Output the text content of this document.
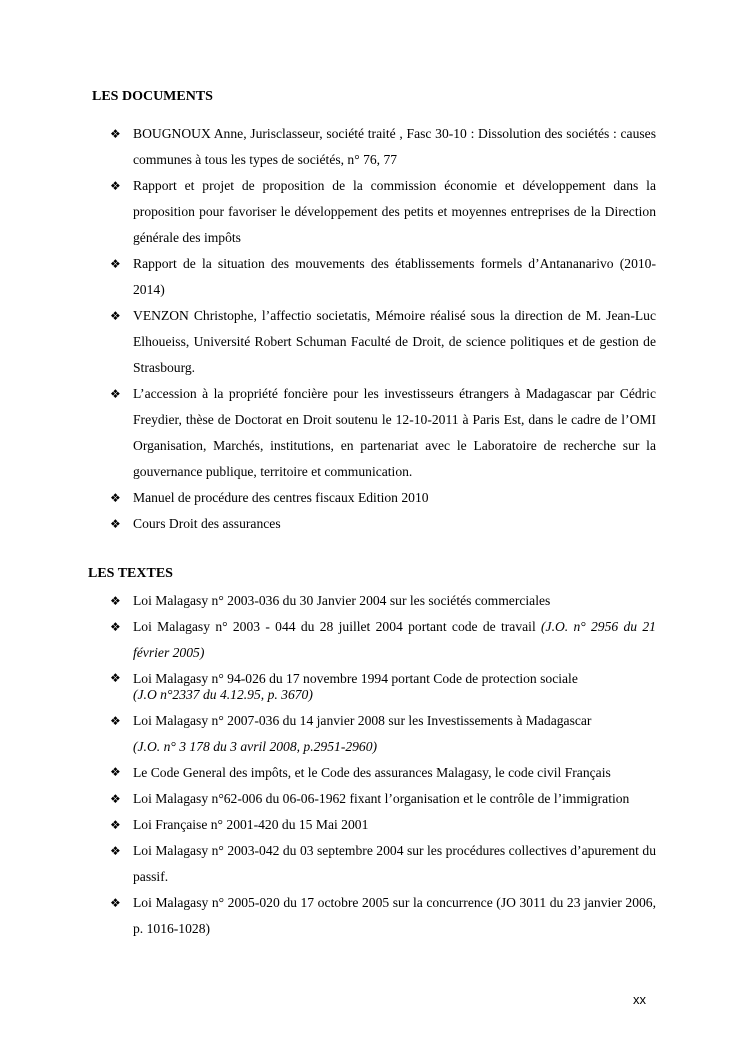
LES DOCUMENTS
❖ BOUGNOUX Anne, Jurisclasseur, société traité , Fasc 30-10 : Dissolution des sociétés : causes communes à tous les types de sociétés, n° 76, 77
❖ Rapport et projet de proposition de la commission économie et développement dans la proposition pour favoriser le développement des petits et moyennes entreprises de la Direction générale des impôts
❖ Rapport de la situation des mouvements des établissements formels d’Antananarivo (2010-2014)
❖ VENZON Christophe, l’affectio societatis, Mémoire réalisé sous la direction de M. Jean-Luc Elhoueiss, Université Robert Schuman Faculté de Droit, de science politiques et de gestion de Strasbourg.
❖ L’accession à la propriété foncière pour les investisseurs étrangers à Madagascar par Cédric Freydier, thèse de Doctorat en Droit soutenu le 12-10-2011 à Paris Est, dans le cadre de l’OMI Organisation, Marchés, institutions, en partenariat avec le Laboratoire de recherche sur la gouvernance publique, territoire et communication.
❖ Manuel de procédure des centres fiscaux Edition 2010
❖ Cours Droit des assurances
LES TEXTES
❖ Loi Malagasy n° 2003-036 du 30 Janvier 2004 sur les sociétés commerciales
❖ Loi Malagasy n° 2003 - 044 du 28 juillet 2004 portant code de travail (J.O. n° 2956 du 21 février 2005)
❖ Loi Malagasy n° 94-026 du 17 novembre 1994 portant Code de protection sociale
(J.O n°2337 du 4.12.95, p. 3670)
❖ Loi Malagasy n° 2007-036 du 14 janvier 2008 sur les Investissements à Madagascar
(J.O. n° 3 178 du 3 avril 2008, p.2951-2960)
❖ Le Code General des impôts, et le Code des assurances Malagasy, le code civil Français
❖ Loi Malagasy n°62-006 du 06-06-1962 fixant l’organisation et le contrôle de l’immigration
❖ Loi Française n° 2001-420 du 15 Mai 2001
❖ Loi Malagasy n° 2003-042 du 03 septembre 2004 sur les procédures collectives d’apurement du passif.
❖ Loi Malagasy n° 2005-020 du 17 octobre 2005 sur la concurrence (JO 3011 du 23 janvier 2006, p. 1016-1028)
xx
